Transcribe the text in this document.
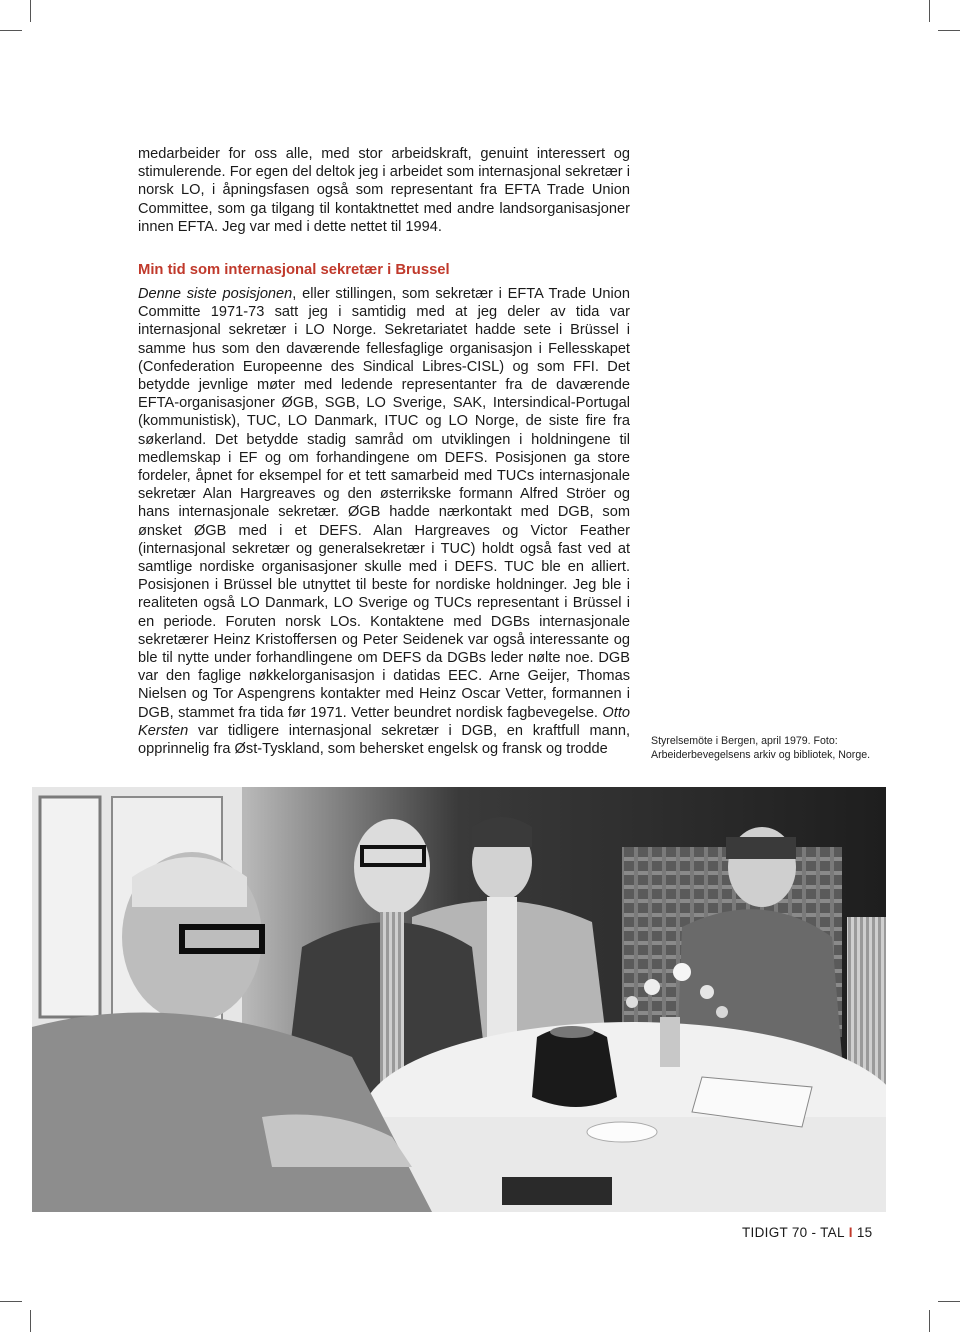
medarbeider for oss alle, med stor arbeidskraft, genuint interessert og stimulerende. For egen del deltok jeg i arbeidet som internasjonal sekretær i norsk LO, i åpningsfasen også som representant fra EFTA Trade Union Committee, som ga tilgang til kontaktnettet med andre landsorganisasjoner innen EFTA. Jeg var med i dette nettet til 1994.

Min tid som internasjonal sekretær i Brussel

Denne siste posisjonen, eller stillingen, som sekretær i EFTA Trade Union Committe 1971-73 satt jeg i samtidig med at jeg deler av tida var internasjonal sekretær i LO Norge. Sekretariatet hadde sete i Brüssel i samme hus som den daværende fellesfaglige organisasjon i Fellesskapet (Confederation Europeenne des Sindical Libres-CISL) og som FFI. Det betydde jevnlige møter med ledende representanter fra de daværende EFTA-organisasjoner ØGB, SGB, LO Sverige, SAK, Intersindical-Portugal (kommunistisk), TUC, LO Danmark, ITUC og LO Norge, de siste fire fra søkerland. Det betydde stadig samråd om utviklingen i holdningene til medlemskap i EF og om forhandingene om DEFS. Posisjonen ga store fordeler, åpnet for eksempel for et tett samarbeid med TUCs internasjonale sekretær Alan Hargreaves og den østerrikske formann Alfred Ströer og hans internasjonale sekretær. ØGB hadde nærkontakt med DGB, som ønsket ØGB med i et DEFS. Alan Hargreaves og Victor Feather (internasjonal sekretær og generalsekretær i TUC) holdt også fast ved at samtlige nordiske organisasjoner skulle med i DEFS. TUC ble en alliert. Posisjonen i Brüssel ble utnyttet til beste for nordiske holdninger. Jeg ble i realiteten også LO Danmark, LO Sverige og TUCs representant i Brüssel i en periode. Foruten norsk LOs. Kontaktene med DGBs internasjonale sekretærer Heinz Kristoffersen og Peter Seidenek var også interessante og ble til nytte under forhandlingene om DEFS da DGBs leder nølte noe. DGB var den faglige nøkkelorganisasjon i datidas EEC. Arne Geijer, Thomas Nielsen og Tor Aspengrens kontakter med Heinz Oscar Vetter, formannen i DGB, stammet fra tida før 1971. Vetter beundret nordisk fagbevegelse. Otto Kersten var tidligere internasjonal sekretær i DGB, en kraftfull mann, opprinnelig fra Øst-Tyskland, som behersket engelsk og fransk og trodde

Styrelsemöte i Bergen, april 1979. Foto: Arbeiderbevegelsens arkiv og bibliotek, Norge.
TIDIGT 70 - TAL I 15
